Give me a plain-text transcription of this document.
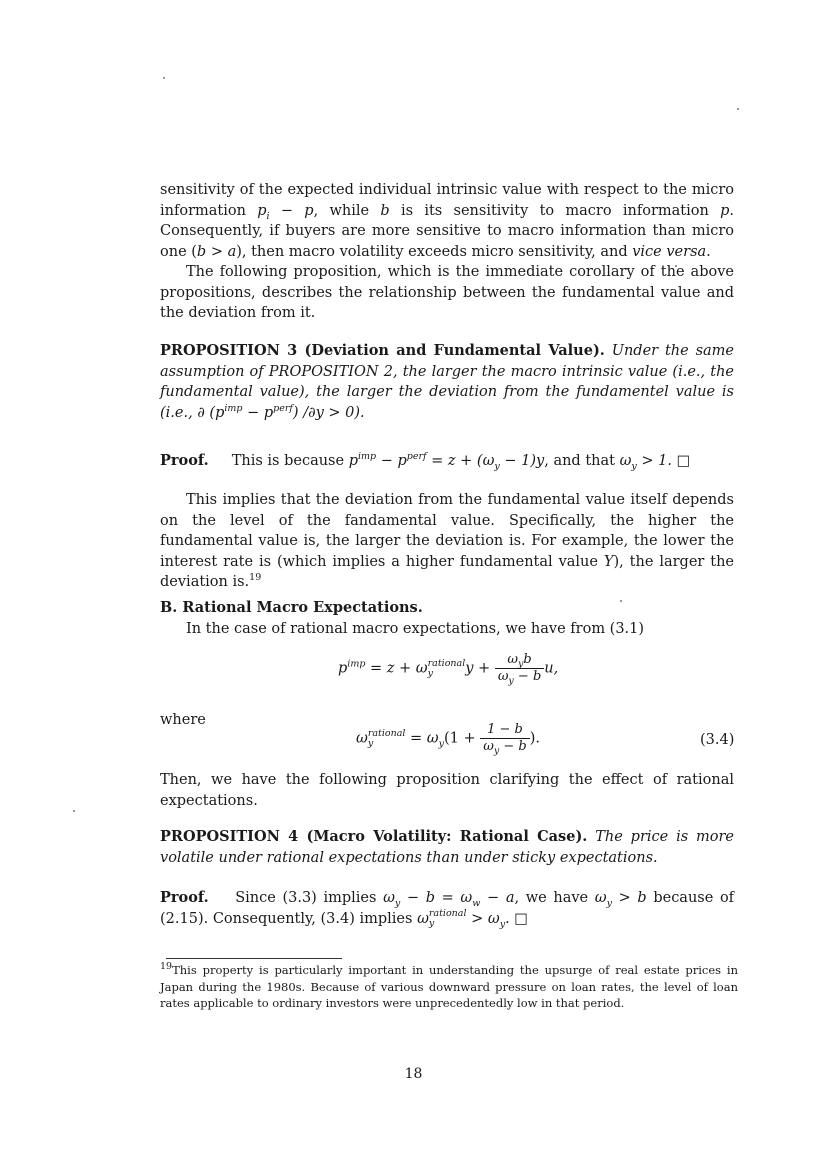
sensitivity of the expected individual intrinsic value with respect to the micro information $p_i - p$, while b is its sensitivity to macro information p. Consequently, if buyers are more sensitive to macro information than micro one (b > a), then macro volatility exceeds micro sensitivity, and vice versa.

The following proposition, which is the immediate corollary of the above propositions, describes the relationship between the fundamental value and the deviation from it.

PROPOSITION 3 (Deviation and Fundamental Value). Under the same assumption of PROPOSITION 2, the larger the macro intrinsic value (i.e., the fundamental value), the larger the deviation from the fundamentel value is (i.e., ∂ $(p^{imp} - p^{perf}) /\partial y > 0$).

Proof. This is because $p^{imp} - p^{perf} = z + (\omega_y - 1)y$, and that $\omega_y > 1$. □

This implies that the deviation from the fundamental value itself depends on the level of the fandamental value. Specifically, the higher the fundamental value is, the larger the deviation is. For example, the lower the interest rate is (which implies a higher fundamental value Y), the larger the deviation is.$^{19}$

B. Rational Macro Expectations.

In the case of rational macro expectations, we have from (3.1)

$p^{imp} = z + \omega$ rational
y	$y + \frac{\omega_yb}{\omega_y - b} u$,

where

ω rational
y	= $\omega_y(1 + \frac{1 - b}{\omega_y - b}$ ).	(3.4)

Then, we have the following proposition clarifying the effect of rational expectations.

PROPOSITION 4 (Macro Volatility: Rational Case). The price is more volatile under rational expectations than under sticky expectations.

Proof. Since (3.3) implies $\omega_y - b = \omega_w - a$, we have $\omega_y > b$ because of (2.15). Consequently, (3.4) implies ω rational
y	> $\omega_y$. □

$^{19}$This property is particularly important in understanding the upsurge of real estate prices in Japan during the 1980s. Because of various downward pressure on loan rates, the level of loan rates applicable to ordinary investors were unprecedentedly low in that period.

18
